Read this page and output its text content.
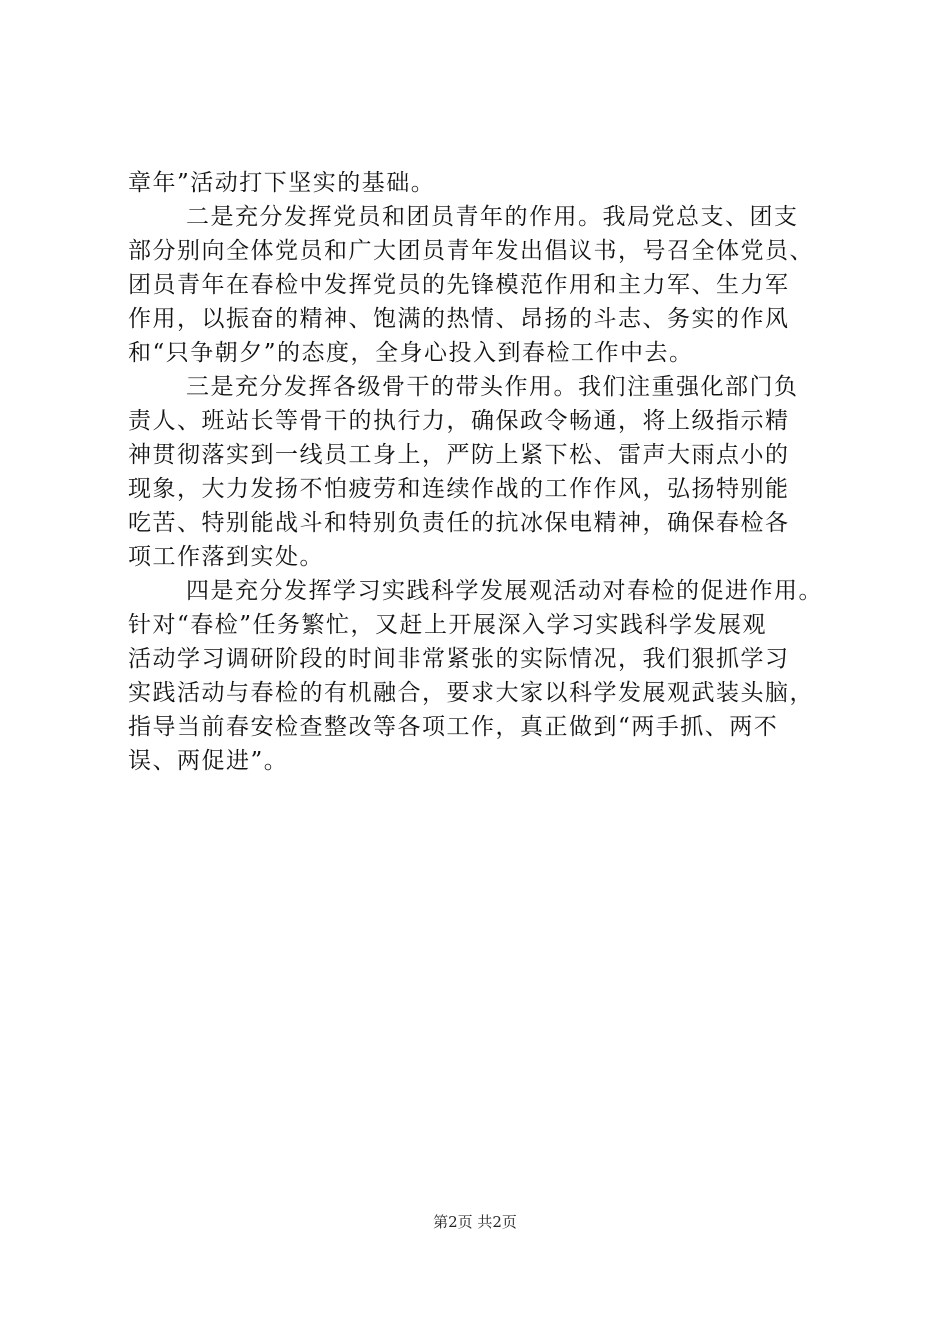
章年”活动打下坚实的基础。
二是充分发挥党员和团员青年的作用。我局党总支、团支
部分别向全体党员和广大团员青年发出倡议书，号召全体党员、
团员青年在春检中发挥党员的先锋模范作用和主力军、生力军
作用，以振奋的精神、饱满的热情、昂扬的斗志、务实的作风
和“只争朝夕”的态度，全身心投入到春检工作中去。
三是充分发挥各级骨干的带头作用。我们注重强化部门负
责人、班站长等骨干的执行力，确保政令畅通，将上级指示精
神贯彻落实到一线员工身上，严防上紧下松、雷声大雨点小的
现象，大力发扬不怕疲劳和连续作战的工作作风，弘扬特别能
吃苦、特别能战斗和特别负责任的抗冰保电精神，确保春检各
项工作落到实处。
四是充分发挥学习实践科学发展观活动对春检的促进作用。
针对“春检”任务繁忙，又赶上开展深入学习实践科学发展观
活动学习调研阶段的时间非常紧张的实际情况，我们狠抓学习
实践活动与春检的有机融合，要求大家以科学发展观武装头脑，
指导当前春安检查整改等各项工作，真正做到“两手抓、两不
误、两促进”。
第2页 共2页
